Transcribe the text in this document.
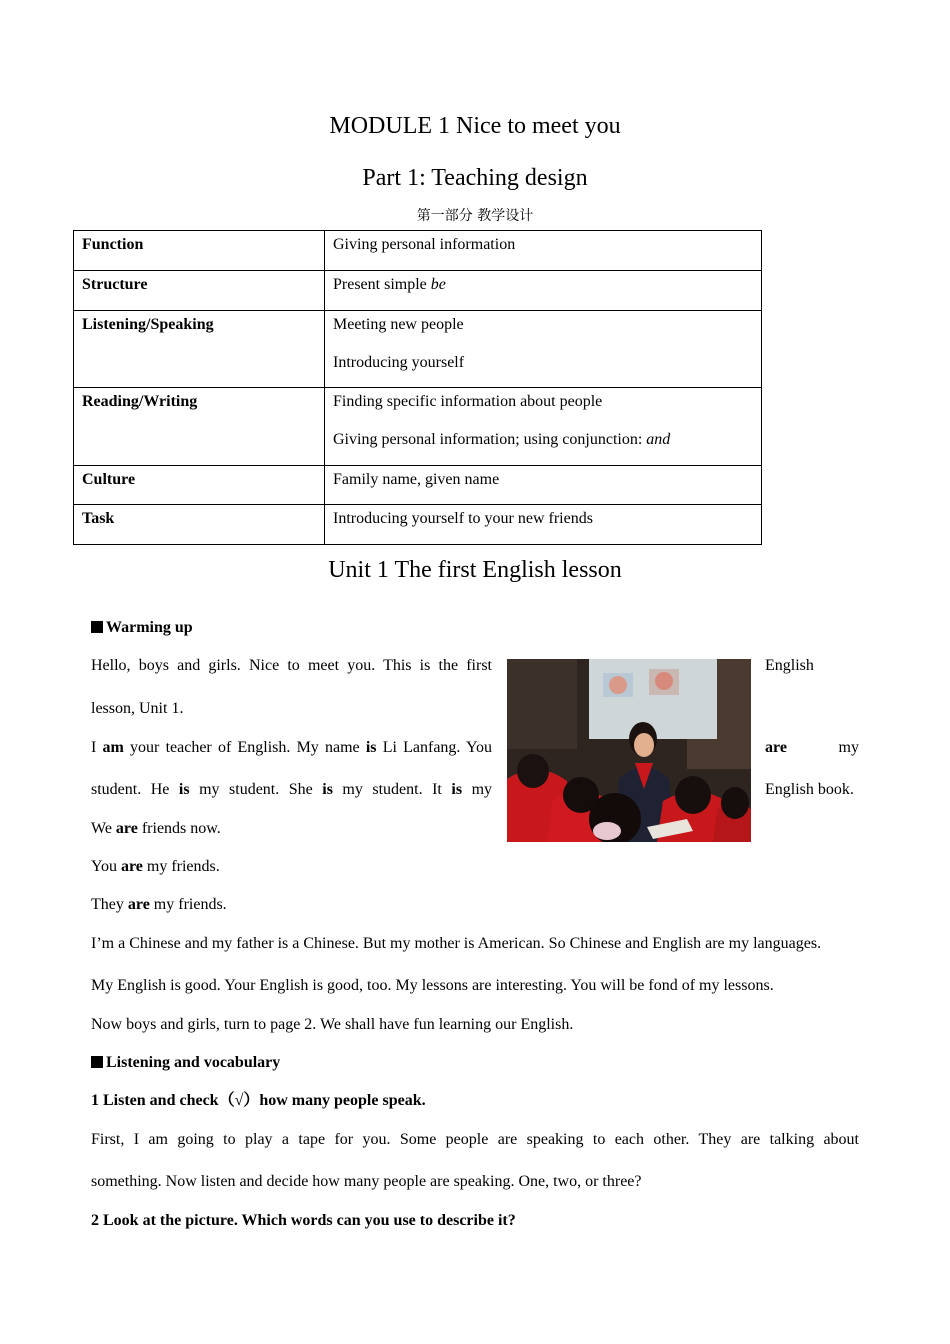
MODULE 1 Nice to meet you
Part 1: Teaching design
第一部分 教学设计
Function	Giving personal information

Structure	Present simple be

Listening/Speaking	Meeting new people

Introducing yourself

Reading/Writing	Finding specific information about people

Giving personal information; using conjunction: and

Culture	Family name, given name

Task	Introducing yourself to your new friends

Unit 1 The first English lesson
Warming up
Hello, boys and girls. Nice to meet you. This is the first	English
lesson, Unit 1.
I am your teacher of English. My name is Li Lanfang. You	are	my
student. He is my student. She is my student. It is my	English book.
We are friends now.
You are my friends.
They are my friends.
I’m a Chinese and my father is a Chinese. But my mother is American. So Chinese and English are my languages.
My English is good. Your English is good, too. My lessons are interesting. You will be fond of my lessons.
Now boys and girls, turn to page 2. We shall have fun learning our English.
Listening and vocabulary
1 Listen and check（√）how many people speak.
First, I am going to play a tape for you. Some people are speaking to each other. They are talking about
something. Now listen and decide how many people are speaking. One, two, or three?
2 Look at the picture. Which words can you use to describe it?
